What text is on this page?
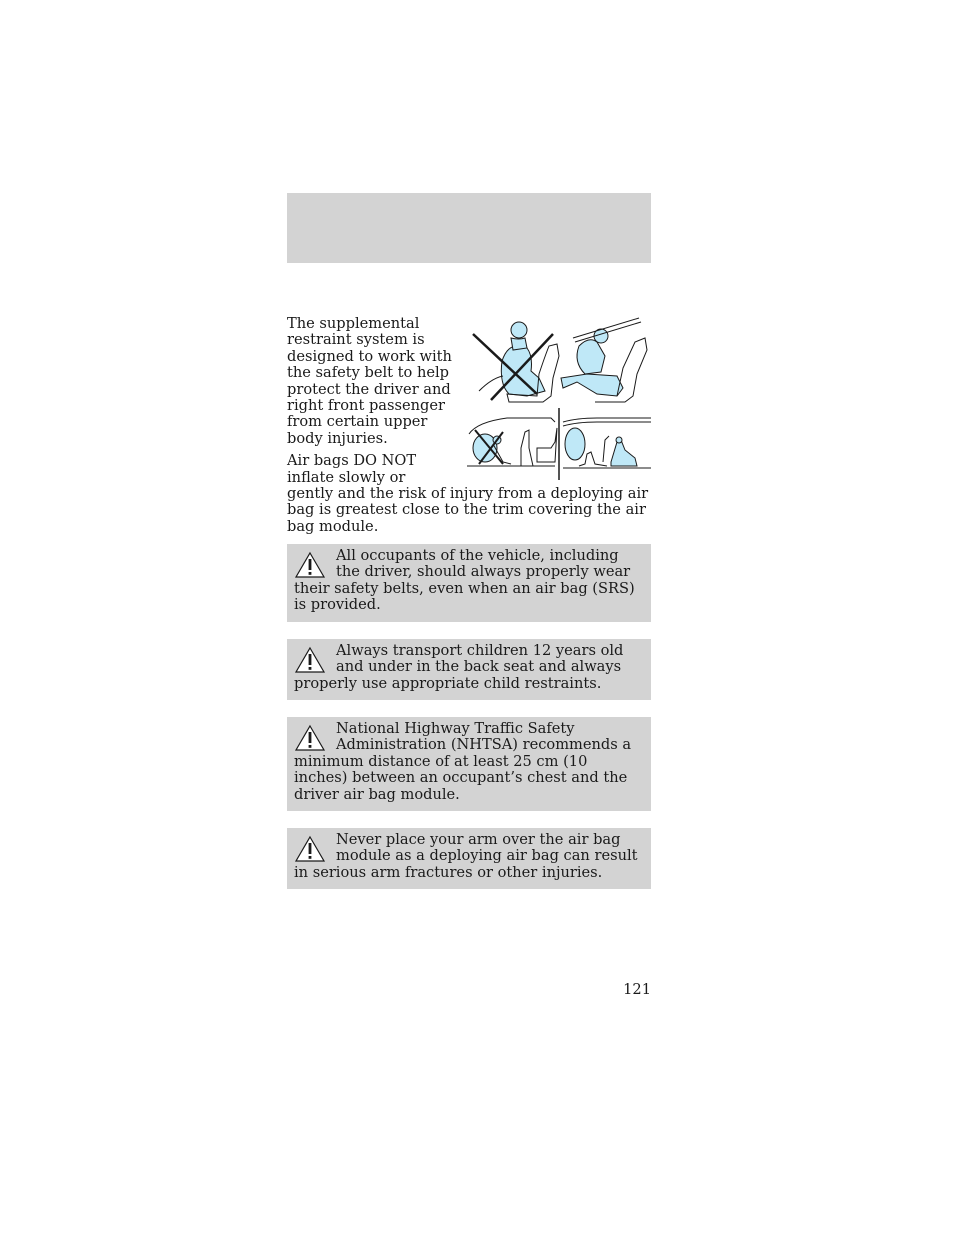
The supplemental restraint system is designed to work with the safety belt to help protect the driver and right front passenger from certain upper body injuries.

Air bags DO NOT inflate slowly or gently and the risk of injury from a deploying air bag is greatest close to the trim covering the air bag module.

All occupants of the vehicle, including the driver, should always properly wear their safety belts, even when an air bag (SRS) is provided.
Always transport children 12 years old and under in the back seat and always properly use appropriate child restraints.
National Highway Traffic Safety Administration (NHTSA) recommends a minimum distance of at least 25 cm (10 inches) between an occupant’s chest and the driver air bag module.
Never place your arm over the air bag module as a deploying air bag can result in serious arm fractures or other injuries.
121
